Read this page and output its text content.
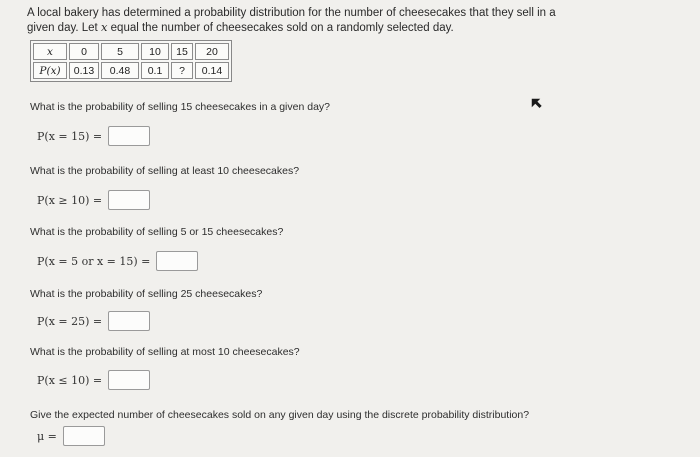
A local bakery has determined a probability distribution for the number of cheesecakes that they sell in a given day. Let x equal the number of cheesecakes sold on a randomly selected day.
x	0	5	10	15	20
P(x)	0.13	0.48	0.1	?	0.14
What is the probability of selling 15 cheesecakes in a given day?
P(x = 15) =
What is the probability of selling at least 10 cheesecakes?
P(x ≥ 10) =
What is the probability of selling 5 or 15 cheesecakes?
P(x = 5 or x = 15) =
What is the probability of selling 25 cheesecakes?
P(x = 25) =
What is the probability of selling at most 10 cheesecakes?
P(x ≤ 10) =
Give the expected number of cheesecakes sold on any given day using the discrete probability distribution?
μ =
